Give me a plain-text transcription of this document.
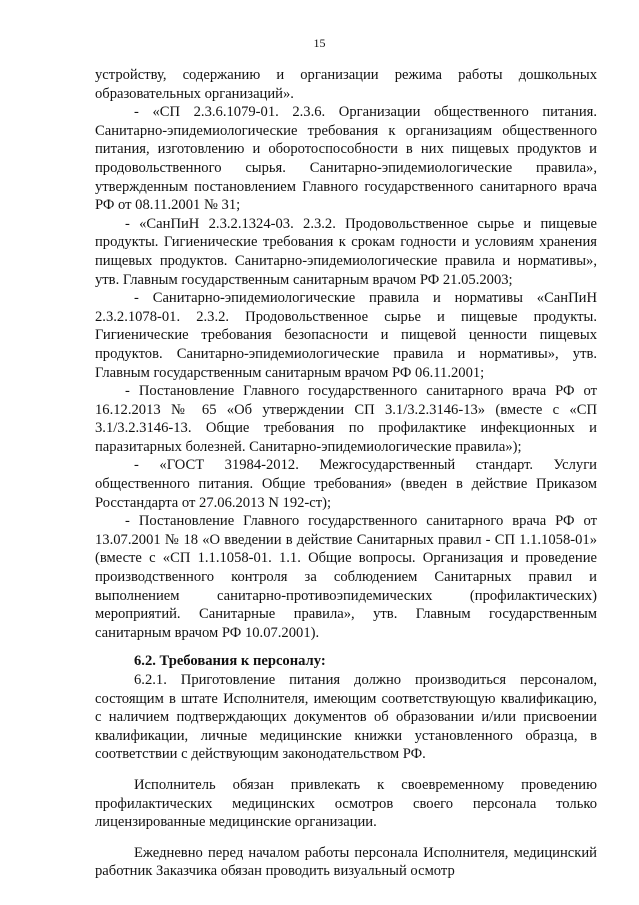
15

устройству, содержанию и организации режима работы дошкольных образовательных организаций».

- «СП 2.3.6.1079-01. 2.3.6. Организации общественного питания. Санитарно-эпидемиологические требования к организациям общественного питания, изготовлению и оборотоспособности в них пищевых продуктов и продовольственного сырья. Санитарно-эпидемиологические правила», утвержденным постановлением Главного государственного санитарного врача РФ от 08.11.2001 № 31;

- «СанПиН 2.3.2.1324-03. 2.3.2. Продовольственное сырье и пищевые продукты. Гигиенические требования к срокам годности и условиям хранения пищевых продуктов. Санитарно-эпидемиологические правила и нормативы», утв. Главным государственным санитарным врачом РФ 21.05.2003;

- Санитарно-эпидемиологические правила и нормативы «СанПиН 2.3.2.1078-01. 2.3.2. Продовольственное сырье и пищевые продукты. Гигиенические требования безопасности и пищевой ценности пищевых продуктов. Санитарно-эпидемиологические правила и нормативы», утв. Главным государственным санитарным врачом РФ 06.11.2001;

- Постановление Главного государственного санитарного врача РФ от 16.12.2013 № 65 «Об утверждении СП 3.1/3.2.3146-13» (вместе с «СП 3.1/3.2.3146-13. Общие требования по профилактике инфекционных и паразитарных болезней. Санитарно-эпидемиологические правила»);

- «ГОСТ 31984-2012. Межгосударственный стандарт. Услуги общественного питания. Общие требования» (введен в действие Приказом Росстандарта от 27.06.2013 N 192-ст);

- Постановление Главного государственного санитарного врача РФ от 13.07.2001 № 18 «О введении в действие Санитарных правил - СП 1.1.1058-01» (вместе с «СП 1.1.1058-01. 1.1. Общие вопросы. Организация и проведение производственного контроля за соблюдением Санитарных правил и выполнением санитарно-противоэпидемических (профилактических) мероприятий. Санитарные правила», утв. Главным государственным санитарным врачом РФ 10.07.2001).

6.2. Требования к персоналу:

6.2.1. Приготовление питания должно производиться персоналом, состоящим в штате Исполнителя, имеющим соответствующую квалификацию, с наличием подтверждающих документов об образовании и/или присвоении квалификации, личные медицинские книжки установленного образца, в соответствии с действующим законодательством РФ.

Исполнитель обязан привлекать к своевременному проведению профилактических медицинских осмотров своего персонала только лицензированные медицинские организации.

Ежедневно перед началом работы персонала Исполнителя, медицинский работник Заказчика обязан проводить визуальный осмотр
